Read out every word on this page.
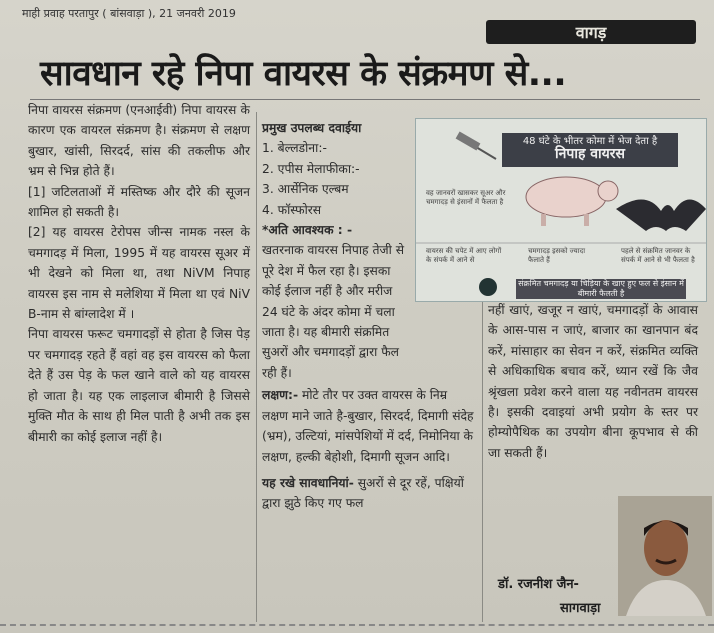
माही प्रवाह परतापुर ( बांसवाड़ा ), 21 जनवरी 2019
वागड़
सावधान रहे निपा वायरस के संक्रमण से...

निपा वायरस संक्रमण (एनआईवी) निपा वायरस के कारण एक वायरल संक्रमण है। संक्रमण से लक्षण बुखार, खांसी, सिरदर्द, सांस की तकलीफ और भ्रम से भिन्न होते हैं।

[1] जटिलताओं में मस्तिष्क और दौरे की सूजन शामिल हो सकती है।

[2] यह वायरस टेरोपस जीन्स नामक नस्ल के चमगादड़ में मिला, 1995 में यह वायरस सूअर में भी देखने को मिला था, तथा NiVM निपाह वायरस इस नाम से मलेशिया में मिला था एवं NiV B-नाम से बांग्लादेश में ।

निपा वायरस फरूट चमगादड़ों से होता है जिस पेड़ पर चमगादड़ रहते हैं वहां वह इस वायरस को फैला देते हैं उस पेड़ के फल खाने वाले को यह वायरस हो जाता है। यह एक लाइलाज बीमारी है जिससे मुक्ति मौत के साथ ही मिल पाती है अभी तक इस बीमारी का कोई इलाज नहीं है।

प्रमुख उपलब्ध दवाईया

1. बेल्लडोना:-

2. एपीस मेलाफीका:-

3. आर्सेनिक एल्बम

4. फॉस्फोरस

*अति आवश्यक : -

खतरनाक वायरस निपाह तेजी से पूरे देश में फैल रहा है। इसका कोई ईलाज नहीं है और मरीज 24 घंटे के अंदर कोमा में चला जाता है। यह बीमारी संक्रमित सुअरों और चमगादड़ों द्वारा फैल रही हैं।

लक्षण:- मोटे तौर पर उक्त वायरस के निम्र लक्षण माने जाते है-बुखार, सिरदर्द, दिमागी संदेह (भ्रम), उल्टियां, मांसपेशियों में दर्द, निमोनिया के लक्षण, हल्की बेहोशी, दिमागी सूजन आदि।

यह रखे सावधानियां- सुअरों से दूर रहें, पक्षियों द्वारा झुठे किए गए फल

48 घंटे के भीतर कोमा में भेज देता है
निपाह वायरस
वह जानवरों खासकर सूअर और चमगादड़ से इंसानों में फैलता है
वायरस की चपेट में आए लोगों के संपर्क में आने से
चमगादड़ इसको ज्यादा फैलाते हैं
पहले से संक्रमित जानवर के संपर्क में आने से भी फैलता है
संक्रमित चमगादड़ या चिड़िया के खाए हुए फल से इंसान में बीमारी फैलती है

नहीं खाएं, खजूर न खाएं, चमगादड़ों के आवास के आस-पास न जाएं, बाजार का खानपान बंद करें, मांसाहार का सेवन न करें, संक्रमित व्यक्ति से अधिकाधिक बचाव करें, ध्यान रखें कि जैव श्रृंखला प्रवेश करने वाला यह नवीनतम वायरस है। इसकी दवाइयां अभी प्रयोग के स्तर पर होम्योपैथिक का उपयोग बीना कूपभाव से की जा सकती हैं।

डॉ. रजनीश जैन-
सागवाड़ा
